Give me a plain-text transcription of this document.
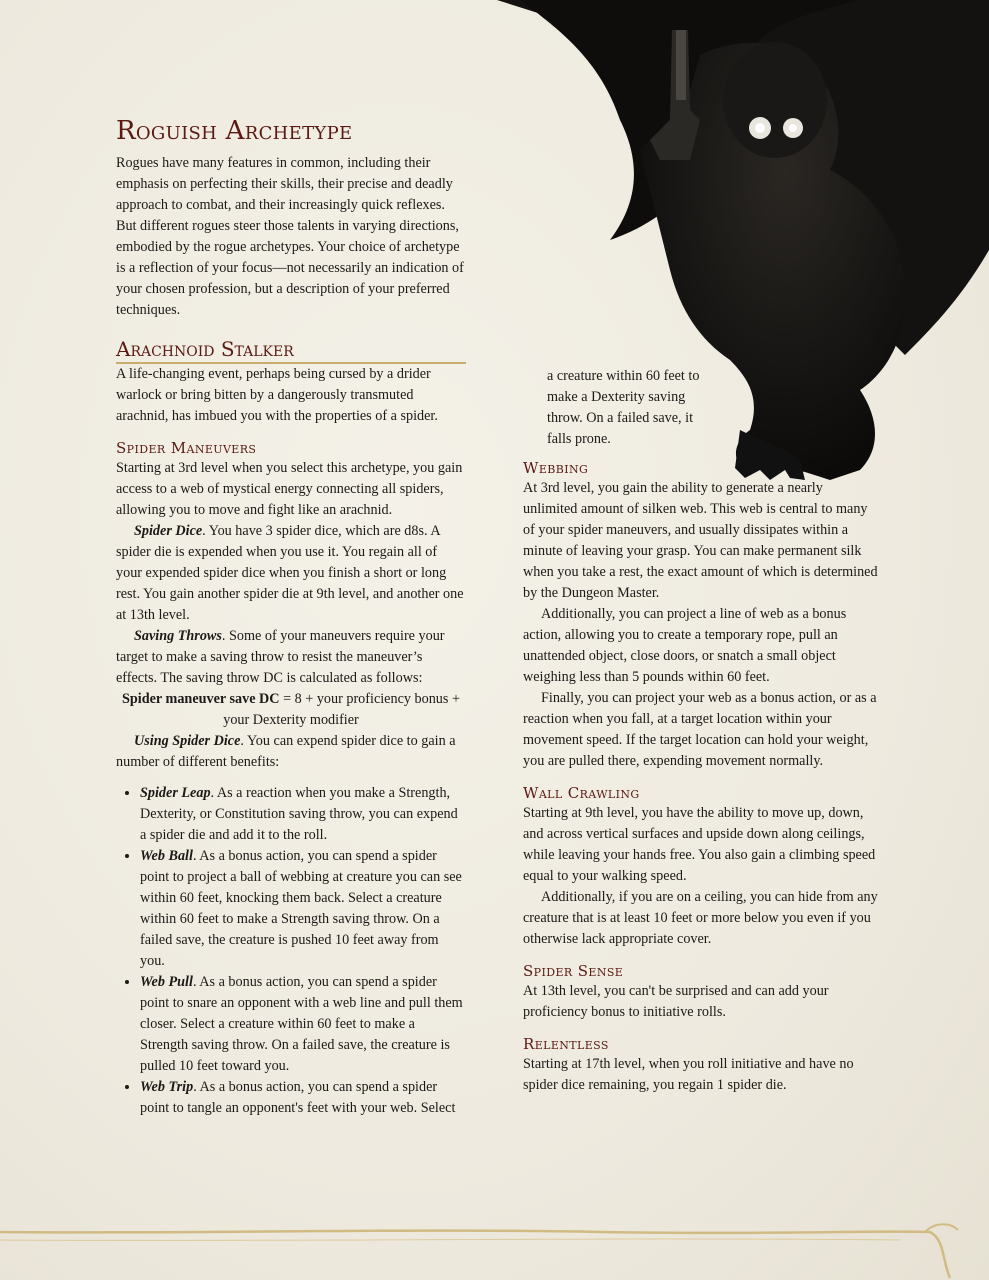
Roguish Archetype

Rogues have many features in common, including their emphasis on perfecting their skills, their precise and deadly approach to combat, and their increasingly quick reflexes. But different rogues steer those talents in varying directions, embodied by the rogue archetypes. Your choice of archetype is a reflection of your focus—not necessarily an indication of your chosen profession, but a description of your preferred techniques.

Arachnoid Stalker

A life-changing event, perhaps being cursed by a drider warlock or bring bitten by a dangerously transmuted arachnid, has imbued you with the properties of a spider.

Spider Maneuvers

Starting at 3rd level when you select this archetype, you gain access to a web of mystical energy connecting all spiders, allowing you to move and fight like an arachnid.

Spider Dice. You have 3 spider dice, which are d8s. A spider die is expended when you use it. You regain all of your expended spider dice when you finish a short or long rest. You gain another spider die at 9th level, and another one at 13th level.

Saving Throws. Some of your maneuvers require your target to make a saving throw to resist the maneuver’s effects. The saving throw DC is calculated as follows:

Spider maneuver save DC = 8 + your proficiency bonus + your Dexterity modifier

Using Spider Dice. You can expend spider dice to gain a number of different benefits:

• Spider Leap. As a reaction when you make a Strength, Dexterity, or Constitution saving throw, you can expend a spider die and add it to the roll.
• Web Ball. As a bonus action, you can spend a spider point to project a ball of webbing at creature you can see within 60 feet, knocking them back. Select a creature within 60 feet to make a Strength saving throw. On a failed save, the creature is pushed 10 feet away from you.
• Web Pull. As a bonus action, you can spend a spider point to snare an opponent with a web line and pull them closer. Select a creature within 60 feet to make a Strength saving throw. On a failed save, the creature is pulled 10 feet toward you.
• Web Trip. As a bonus action, you can spend a spider point to tangle an opponent's feet with your web. Select

a creature within 60 feet to make a Dexterity saving throw. On a failed save, it falls prone.

Webbing

At 3rd level, you gain the ability to generate a nearly unlimited amount of silken web. This web is central to many of your spider maneuvers, and usually dissipates within a minute of leaving your grasp. You can make permanent silk when you take a rest, the exact amount of which is determined by the Dungeon Master.

Additionally, you can project a line of web as a bonus action, allowing you to create a temporary rope, pull an unattended object, close doors, or snatch a small object weighing less than 5 pounds within 60 feet.

Finally, you can project your web as a bonus action, or as a reaction when you fall, at a target location within your movement speed. If the target location can hold your weight, you are pulled there, expending movement normally.

Wall Crawling

Starting at 9th level, you have the ability to move up, down, and across vertical surfaces and upside down along ceilings, while leaving your hands free. You also gain a climbing speed equal to your walking speed.

Additionally, if you are on a ceiling, you can hide from any creature that is at least 10 feet or more below you even if you otherwise lack appropriate cover.

Spider Sense

At 13th level, you can't be surprised and can add your proficiency bonus to initiative rolls.

Relentless

Starting at 17th level, when you roll initiative and have no spider dice remaining, you regain 1 spider die.
